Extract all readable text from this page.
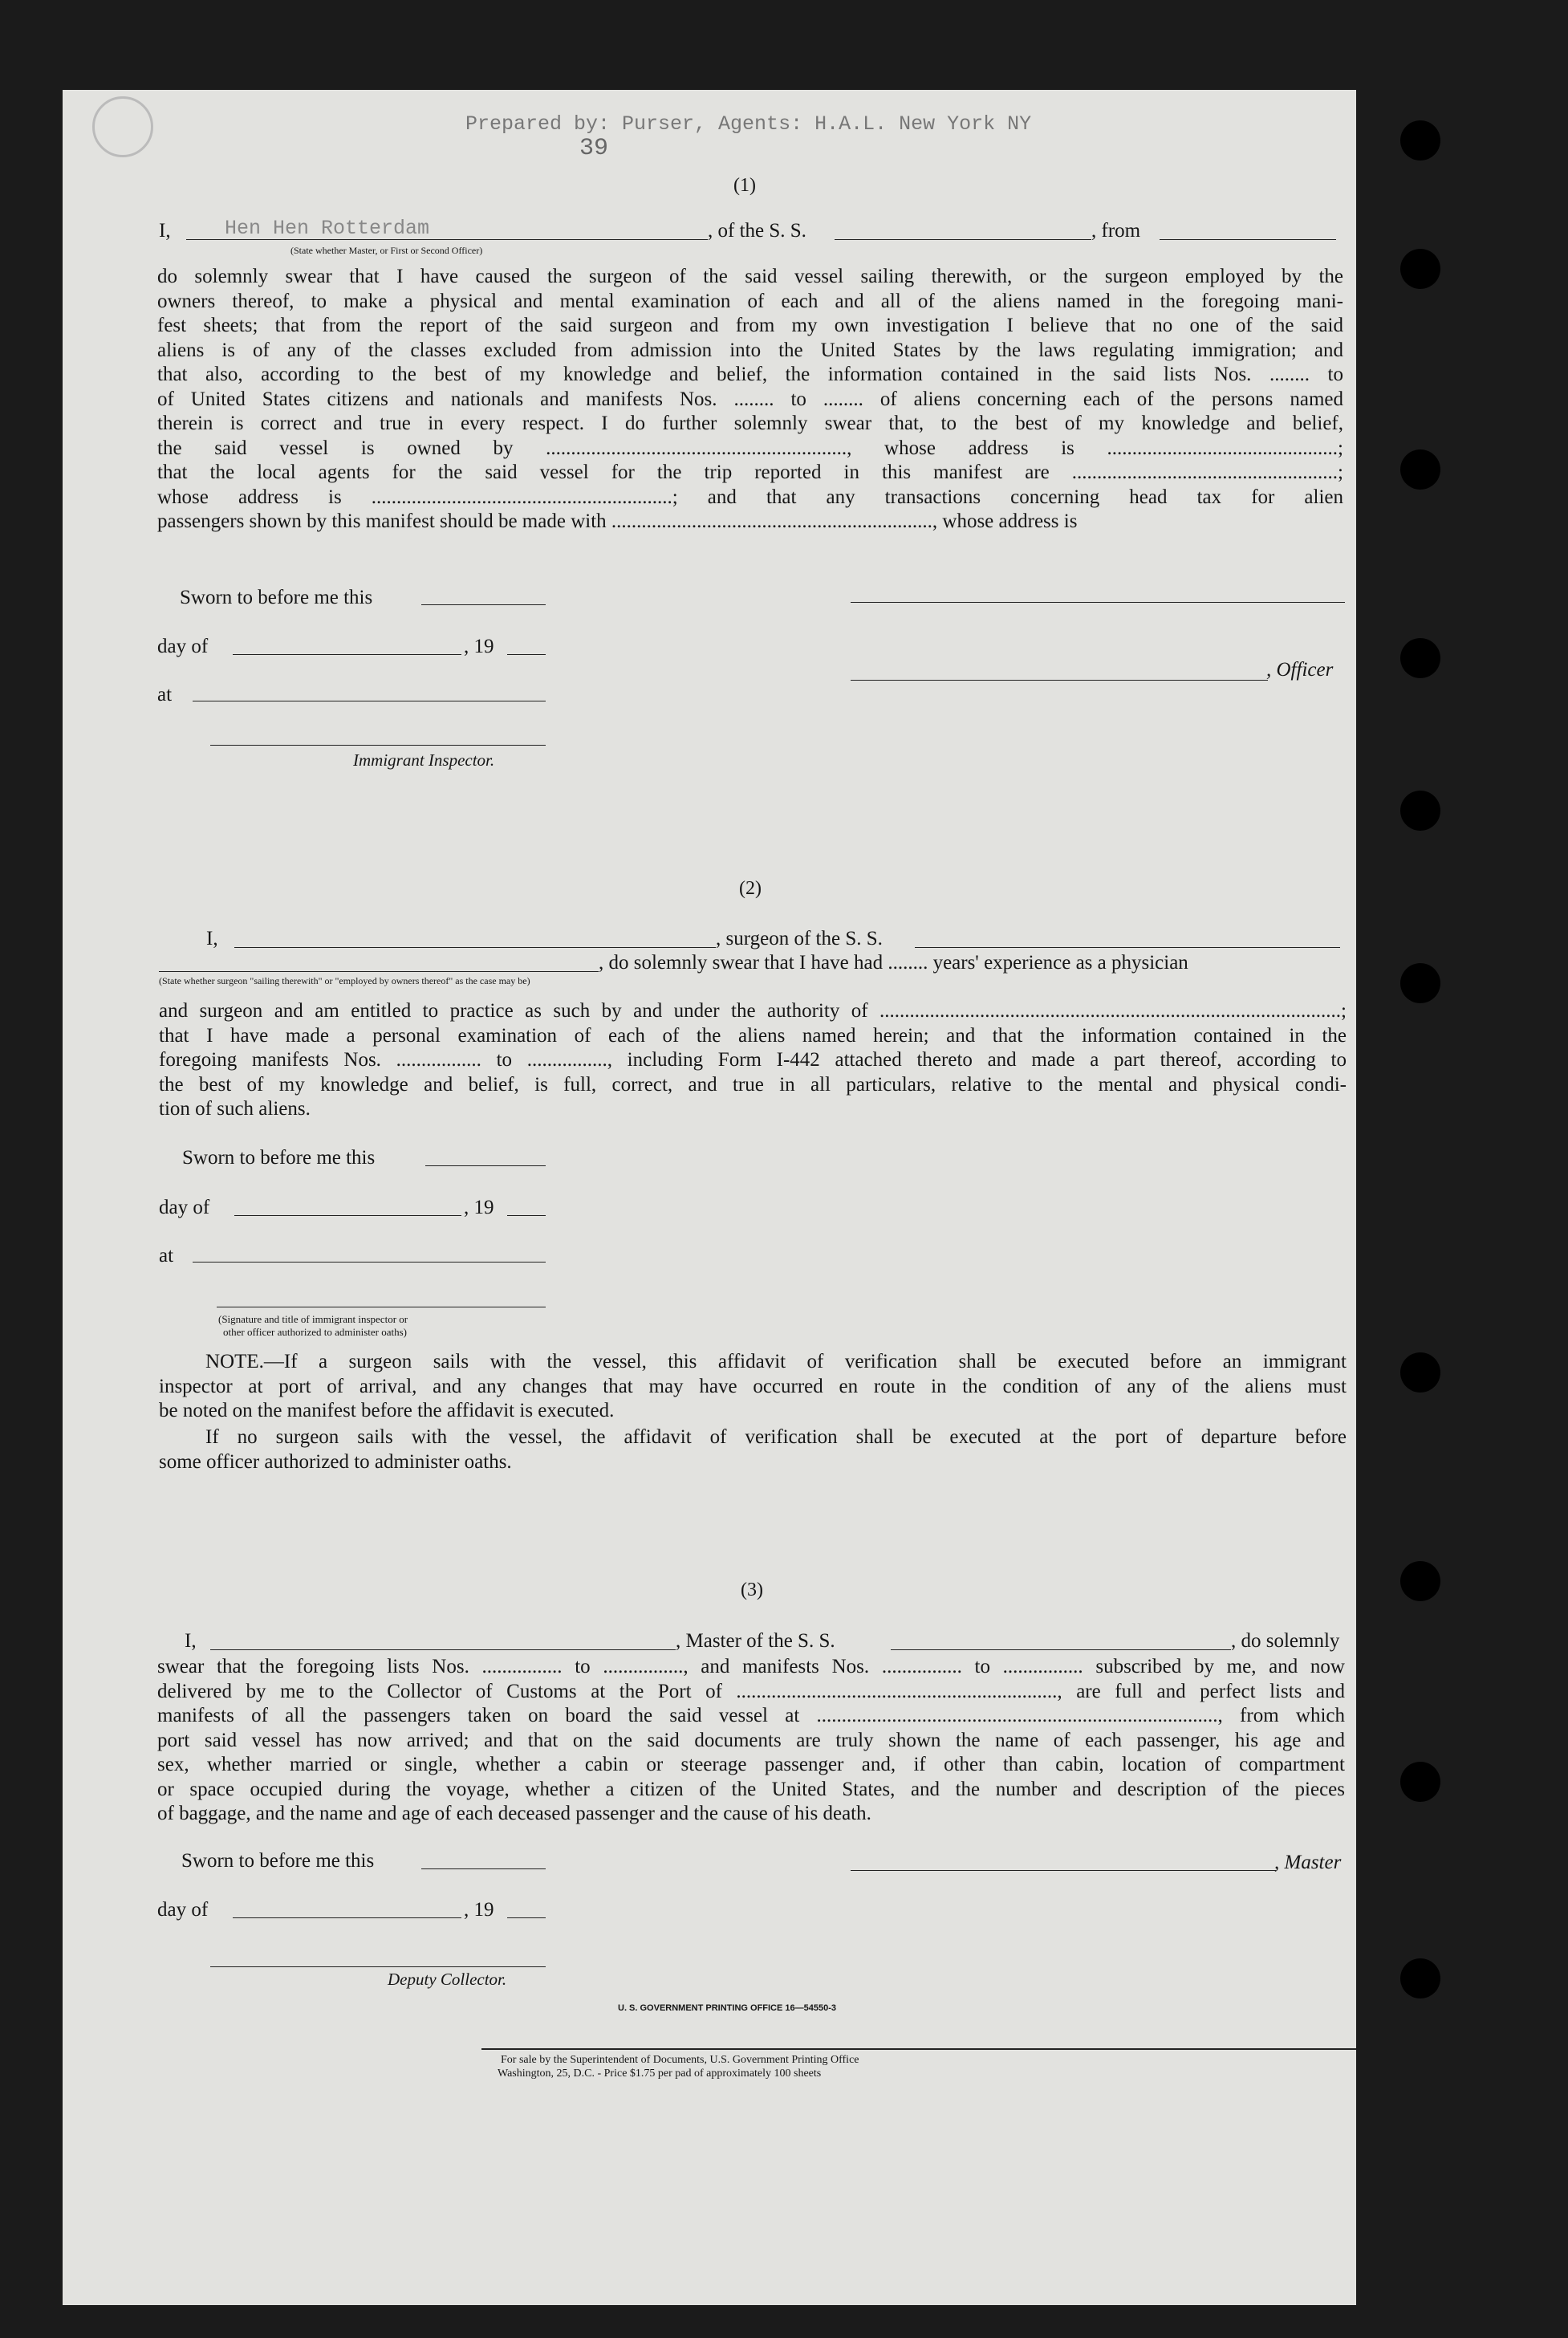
Prepared by: Purser, Agents: H.A.L. New York NY
39
(1)
I,	Hen Hen Rotterdam	, of the S. S.	, from
(State whether Master, or First or Second Officer)
do solemnly swear that I have caused the surgeon of the said vessel sailing therewith, or the surgeon employed by the
owners thereof, to make a physical and mental examination of each and all of the aliens named in the foregoing mani-
fest sheets; that from the report of the said surgeon and from my own investigation I believe that no one of the said
aliens is of any of the classes excluded from admission into the United States by the laws regulating immigration; and
that also, according to the best of my knowledge and belief, the information contained in the said lists Nos. ........ to
of United States citizens and nationals and manifests Nos. ........ to ........ of aliens concerning each of the persons named
therein is correct and true in every respect. I do further solemnly swear that, to the best of my knowledge and belief,
the said vessel is owned by ............................................................, whose address is ..............................................;
that the local agents for the said vessel for the trip reported in this manifest are .....................................................;
whose address is ............................................................; and that any transactions concerning head tax for alien
passengers shown by this manifest should be made with ................................................................, whose address is
Sworn to before me this
day of	, 19
, Officer
at
Immigrant Inspector.
(2)
I,	, surgeon of the S. S.
, do solemnly swear that I have had ........ years' experience as a physician
(State whether surgeon "sailing therewith" or "employed by owners thereof" as the case may be)
and surgeon and am entitled to practice as such by and under the authority of ............................................................................................;
that I have made a personal examination of each of the aliens named herein; and that the information contained in the
foregoing manifests Nos. ................. to ................, including Form I-442 attached thereto and made a part thereof, according to
the best of my knowledge and belief, is full, correct, and true in all particulars, relative to the mental and physical condi-
tion of such aliens.
Sworn to before me this
day of	, 19
at
(Signature and title of immigrant inspector or
other officer authorized to administer oaths)
NOTE.—If a surgeon sails with the vessel, this affidavit of verification shall be executed before an immigrant
inspector at port of arrival, and any changes that may have occurred en route in the condition of any of the aliens must
be noted on the manifest before the affidavit is executed.
If no surgeon sails with the vessel, the affidavit of verification shall be executed at the port of departure before
some officer authorized to administer oaths.
(3)
I,	, Master of the S. S.	, do solemnly
swear that the foregoing lists Nos. ................ to ................, and manifests Nos. ................ to ................ subscribed by me, and now
delivered by me to the Collector of Customs at the Port of ................................................................, are full and perfect lists and
manifests of all the passengers taken on board the said vessel at ................................................................................, from which
port said vessel has now arrived; and that on the said documents are truly shown the name of each passenger, his age and
sex, whether married or single, whether a cabin or steerage passenger and, if other than cabin, location of compartment
or space occupied during the voyage, whether a citizen of the United States, and the number and description of the pieces
of baggage, and the name and age of each deceased passenger and the cause of his death.
Sworn to before me this	, Master
day of	, 19
Deputy Collector.
U. S. GOVERNMENT PRINTING OFFICE 16—54550-3
For sale by the Superintendent of Documents, U.S. Government Printing Office
Washington, 25, D.C. - Price $1.75 per pad of approximately 100 sheets
